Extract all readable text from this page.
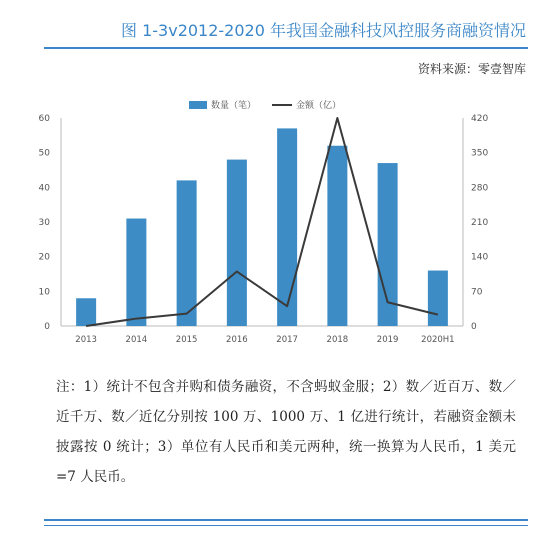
图 1-3v2012-2020 年我国金融科技风控服务商融资情况
资料来源：零壹智库
0
10
20
30
40
50
60
0
70
140
210
280
350
420
2013	2014	2015	2016	2017	2018	2019	2020H1
数量（笔）	金额（亿）
注：1）统计不包含并购和债务融资，不含蚂蚁金服；2）数／近百万、数／近千万、数／近亿分别按 100 万、1000 万、1 亿进行统计，若融资金额未披露按 0 统计；3）单位有人民币和美元两种，统一换算为人民币，1 美元 =7 人民币。
